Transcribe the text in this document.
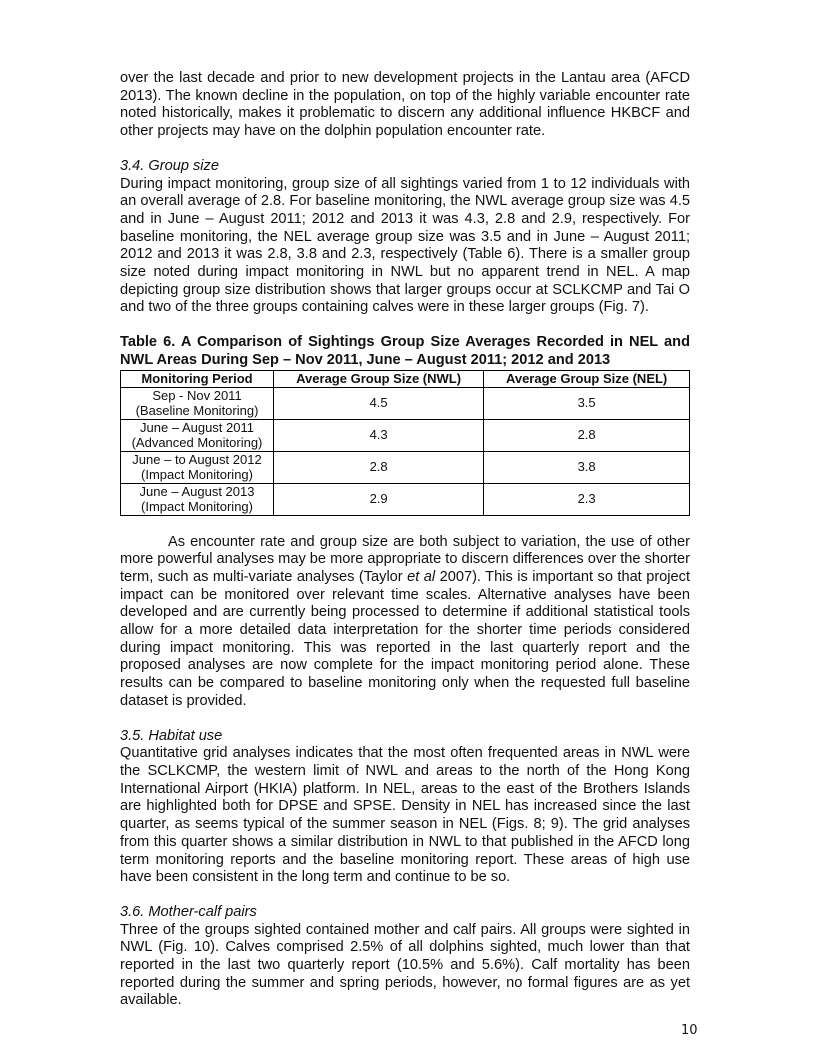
over the last decade and prior to new development projects in the Lantau area (AFCD 2013). The known decline in the population, on top of the highly variable encounter rate noted historically, makes it problematic to discern any additional influence HKBCF and other projects may have on the dolphin population encounter rate.

3.4. Group size

During impact monitoring, group size of all sightings varied from 1 to 12 individuals with an overall average of 2.8. For baseline monitoring, the NWL average group size was 4.5 and in June – August 2011; 2012 and 2013 it was 4.3, 2.8 and 2.9, respectively. For baseline monitoring, the NEL average group size was 3.5 and in June – August 2011; 2012 and 2013 it was 2.8, 3.8 and 2.3, respectively (Table 6). There is a smaller group size noted during impact monitoring in NWL but no apparent trend in NEL. A map depicting group size distribution shows that larger groups occur at SCLKCMP and Tai O and two of the three groups containing calves were in these larger groups (Fig. 7).

Table 6. A Comparison of Sightings Group Size Averages Recorded in NEL and NWL Areas During Sep – Nov 2011, June – August 2011; 2012 and 2013

Monitoring Period	Average Group Size (NWL)	Average Group Size (NEL)

Sep - Nov 2011
(Baseline Monitoring)	4.5	3.5

June – August 2011
(Advanced Monitoring)	4.3	2.8

June – to August 2012
(Impact Monitoring)	2.8	3.8

June – August 2013
(Impact Monitoring)	2.9	2.3

As encounter rate and group size are both subject to variation, the use of other more powerful analyses may be more appropriate to discern differences over the shorter term, such as multi-variate analyses (Taylor et al 2007). This is important so that project impact can be monitored over relevant time scales. Alternative analyses have been developed and are currently being processed to determine if additional statistical tools allow for a more detailed data interpretation for the shorter time periods considered during impact monitoring. This was reported in the last quarterly report and the proposed analyses are now complete for the impact monitoring period alone. These results can be compared to baseline monitoring only when the requested full baseline dataset is provided.

3.5. Habitat use

Quantitative grid analyses indicates that the most often frequented areas in NWL were the SCLKCMP, the western limit of NWL and areas to the north of the Hong Kong International Airport (HKIA) platform. In NEL, areas to the east of the Brothers Islands are highlighted both for DPSE and SPSE. Density in NEL has increased since the last quarter, as seems typical of the summer season in NEL (Figs. 8; 9). The grid analyses from this quarter shows a similar distribution in NWL to that published in the AFCD long term monitoring reports and the baseline monitoring report. These areas of high use have been consistent in the long term and continue to be so.

3.6. Mother-calf pairs

Three of the groups sighted contained mother and calf pairs. All groups were sighted in NWL (Fig. 10). Calves comprised 2.5% of all dolphins sighted, much lower than that reported in the last two quarterly report (10.5% and 5.6%). Calf mortality has been reported during the summer and spring periods, however, no formal figures are as yet available.

10
